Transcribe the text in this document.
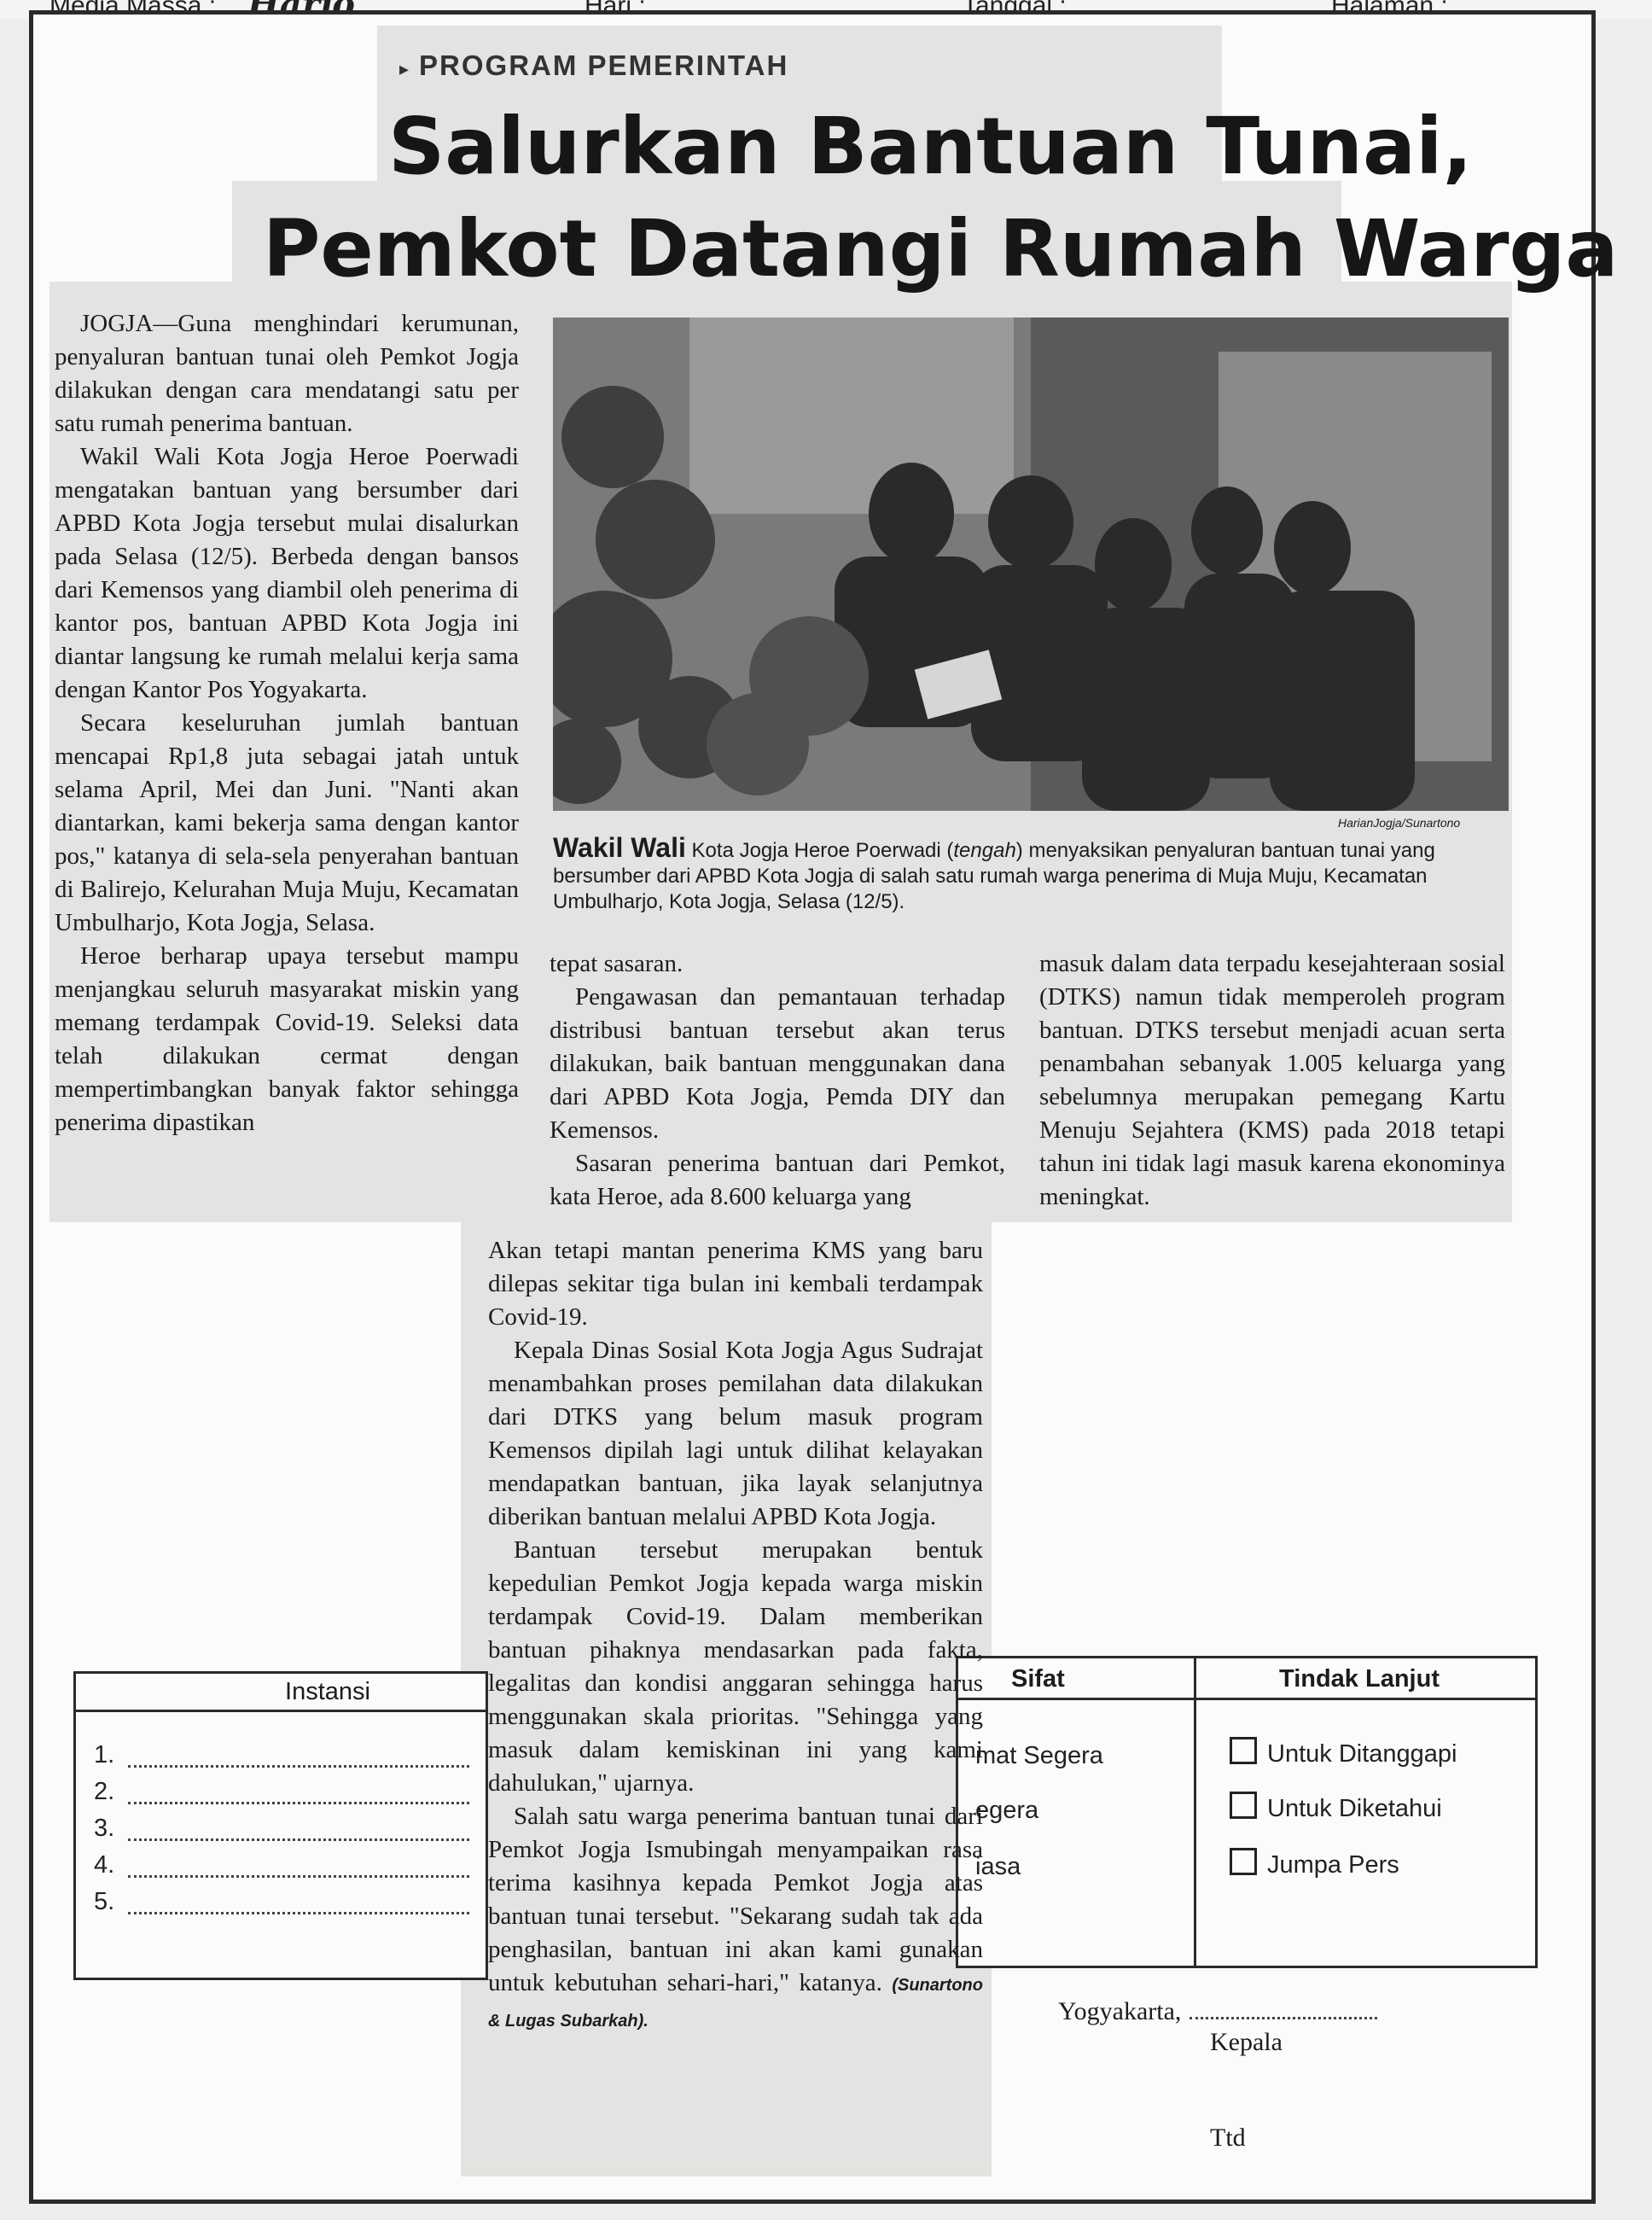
▸ PROGRAM PEMERINTAH
Salurkan Bantuan Tunai,
Pemkot Datangi Rumah Warga

JOGJA—Guna menghindari kerumunan, penyaluran bantuan tunai oleh Pemkot Jogja dilakukan dengan cara mendatangi satu per satu rumah penerima bantuan.

Wakil Wali Kota Jogja Heroe Poerwadi mengatakan bantuan yang bersumber dari APBD Kota Jogja tersebut mulai disalurkan pada Selasa (12/5). Berbeda dengan bansos dari Kemensos yang diambil oleh penerima di kantor pos, bantuan APBD Kota Jogja ini diantar langsung ke rumah melalui kerja sama dengan Kantor Pos Yogyakarta.

Secara keseluruhan jumlah bantuan mencapai Rp1,8 juta sebagai jatah untuk selama April, Mei dan Juni. "Nanti akan diantarkan, kami bekerja sama dengan kantor pos," katanya di sela-sela penyerahan bantuan di Balirejo, Kelurahan Muja Muju, Kecamatan Umbulharjo, Kota Jogja, Selasa.

Heroe berharap upaya tersebut mampu menjangkau seluruh masyarakat miskin yang memang terdampak Covid-19. Seleksi data telah dilakukan cermat dengan mempertimbangkan banyak faktor sehingga penerima dipastikan

HarianJogja/Sunartono
Wakil Wali Kota Jogja Heroe Poerwadi (tengah) menyaksikan penyaluran bantuan tunai yang bersumber dari APBD Kota Jogja di salah satu rumah warga penerima di Muja Muju, Kecamatan Umbulharjo, Kota Jogja, Selasa (12/5).

tepat sasaran.

Pengawasan dan pemantauan terhadap distribusi bantuan tersebut akan terus dilakukan, baik bantuan menggunakan dana dari APBD Kota Jogja, Pemda DIY dan Kemensos.

Sasaran penerima bantuan dari Pemkot, kata Heroe, ada 8.600 keluarga yang

masuk dalam data terpadu kesejahteraan sosial (DTKS) namun tidak memperoleh program bantuan. DTKS tersebut menjadi acuan serta penambahan sebanyak 1.005 keluarga yang sebelumnya merupakan pemegang Kartu Menuju Sejahtera (KMS) pada 2018 tetapi tahun ini tidak lagi masuk karena ekonominya meningkat.

Instansi
1.
2.
3.
4.
5.
Sifat	Tindak Lanjut
mat Segera
egera
iasa
Untuk Ditanggapi
Untuk Diketahui
Jumpa Pers
Yogyakarta,
Kepala
Ttd

Akan tetapi mantan penerima KMS yang baru dilepas sekitar tiga bulan ini kembali terdampak Covid-19.

Kepala Dinas Sosial Kota Jogja Agus Sudrajat menambahkan proses pemilahan data dilakukan dari DTKS yang belum masuk program Kemensos dipilah lagi untuk dilihat kelayakan mendapatkan bantuan, jika layak selanjutnya diberikan bantuan melalui APBD Kota Jogja.

Bantuan tersebut merupakan bentuk kepedulian Pemkot Jogja kepada warga miskin terdampak Covid-19. Dalam memberikan bantuan pihaknya mendasarkan pada fakta, legalitas dan kondisi anggaran sehingga harus menggunakan skala prioritas. "Sehingga yang masuk dalam kemiskinan ini yang kami dahulukan," ujarnya.

Salah satu warga penerima bantuan tunai dari Pemkot Jogja Ismubingah menyampaikan rasa terima kasihnya kepada Pemkot Jogja atas bantuan tunai tersebut. "Sekarang sudah tak ada penghasilan, bantuan ini akan kami gunakan untuk kebutuhan sehari-hari," katanya. (Sunartono & Lugas Subarkah).
